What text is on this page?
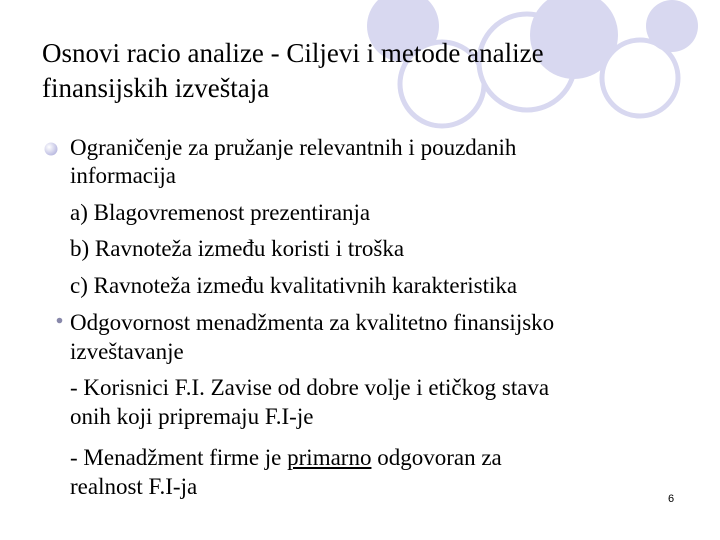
Osnovi racio analize - Ciljevi i metode analize
finansijskih izveštaja
Ograničenje za pružanje relevantnih i pouzdanih
informacija
a) Blagovremenost prezentiranja
b) Ravnoteža između koristi i troška
c) Ravnoteža između kvalitativnih karakteristika
Odgovornost menadžmenta za kvalitetno finansijsko
izveštavanje
- Korisnici F.I. Zavise od dobre volje i etičkog stava
onih koji pripremaju F.I-je
- Menadžment firme je primarno odgovoran za
realnost F.I-ja	6
